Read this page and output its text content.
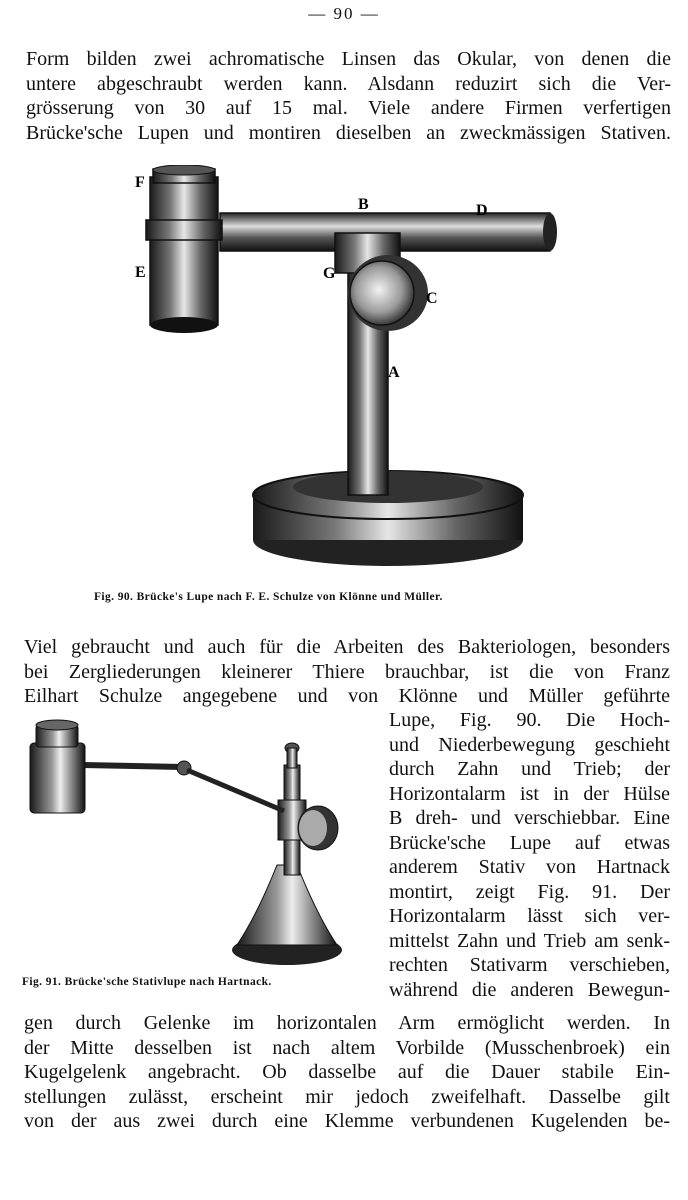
— 90 —

Form bilden zwei achromatische Linsen das Okular, von denen die
untere abgeschraubt werden kann. Alsdann reduzirt sich die Ver-
grösserung von 30 auf 15 mal. Viele andere Firmen verfertigen
Brücke'sche Lupen und montiren dieselben an zweckmässigen Stativen.

F
B	D
E	G
C
A
Fig. 90. Brücke's Lupe nach F. E. Schulze von Klönne und Müller.

Viel gebraucht und auch für die Arbeiten des Bakteriologen, besonders
bei Zergliederungen kleinerer Thiere brauchbar, ist die von Franz
Eilhart Schulze angegebene und von Klönne und Müller geführte

Fig. 91. Brücke'sche Stativlupe nach Hartnack.

Lupe, Fig. 90. Die Hoch-
und Niederbewegung geschieht
durch Zahn und Trieb; der
Horizontalarm ist in der Hülse
B dreh- und verschiebbar. Eine
Brücke'sche Lupe auf etwas
anderem Stativ von Hartnack
montirt, zeigt Fig. 91. Der
Horizontalarm lässt sich ver-
mittelst Zahn und Trieb am senk-
rechten Stativarm verschieben,
während die anderen Bewegun-

gen durch Gelenke im horizontalen Arm ermöglicht werden. In
der Mitte desselben ist nach altem Vorbilde (Musschenbroek) ein
Kugelgelenk angebracht. Ob dasselbe auf die Dauer stabile Ein-
stellungen zulässt, erscheint mir jedoch zweifelhaft. Dasselbe gilt
von der aus zwei durch eine Klemme verbundenen Kugelenden be-
